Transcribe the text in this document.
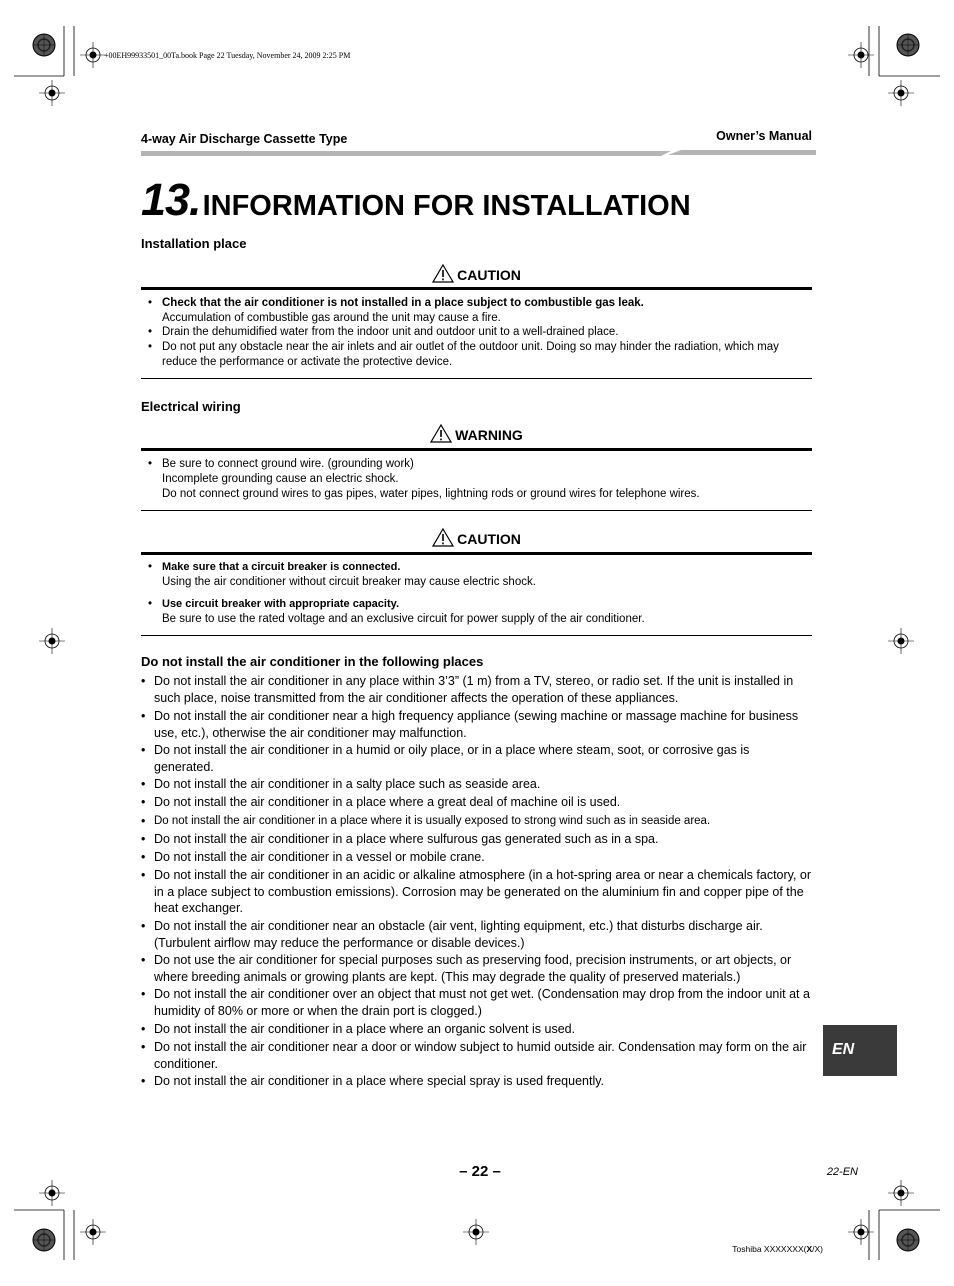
+00EH99933501_00Ta.book Page 22 Tuesday, November 24, 2009 2:25 PM
4-way Air Discharge Cassette Type	Owner’s Manual
13.INFORMATION FOR INSTALLATION
Installation place
CAUTION
• Check that the air conditioner is not installed in a place subject to combustible gas leak.
Accumulation of combustible gas around the unit may cause a fire.
• Drain the dehumidified water from the indoor unit and outdoor unit to a well-drained place.
• Do not put any obstacle near the air inlets and air outlet of the outdoor unit. Doing so may hinder the radiation, which may reduce the performance or activate the protective device.
Electrical wiring
WARNING
• Be sure to connect ground wire. (grounding work)
Incomplete grounding cause an electric shock.
Do not connect ground wires to gas pipes, water pipes, lightning rods or ground wires for telephone wires.
CAUTION
• Make sure that a circuit breaker is connected.
Using the air conditioner without circuit breaker may cause electric shock.
• Use circuit breaker with appropriate capacity.
Be sure to use the rated voltage and an exclusive circuit for power supply of the air conditioner.
Do not install the air conditioner in the following places
• Do not install the air conditioner in any place within 3’3” (1 m) from a TV, stereo, or radio set. If the unit is installed in such place, noise transmitted from the air conditioner affects the operation of these appliances.
• Do not install the air conditioner near a high frequency appliance (sewing machine or massage machine for business use, etc.), otherwise the air conditioner may malfunction.
• Do not install the air conditioner in a humid or oily place, or in a place where steam, soot, or corrosive gas is generated.
• Do not install the air conditioner in a salty place such as seaside area.
• Do not install the air conditioner in a place where a great deal of machine oil is used.
• Do not install the air conditioner in a place where it is usually exposed to strong wind such as in seaside area.
• Do not install the air conditioner in a place where sulfurous gas generated such as in a spa.
• Do not install the air conditioner in a vessel or mobile crane.
• Do not install the air conditioner in an acidic or alkaline atmosphere (in a hot-spring area or near a chemicals factory, or in a place subject to combustion emissions). Corrosion may be generated on the aluminium fin and copper pipe of the heat exchanger.
• Do not install the air conditioner near an obstacle (air vent, lighting equipment, etc.) that disturbs discharge air. (Turbulent airflow may reduce the performance or disable devices.)
• Do not use the air conditioner for special purposes such as preserving food, precision instruments, or art objects, or where breeding animals or growing plants are kept. (This may degrade the quality of preserved materials.)
• Do not install the air conditioner over an object that must not get wet. (Condensation may drop from the indoor unit at a humidity of 80% or more or when the drain port is clogged.)
• Do not install the air conditioner in a place where an organic solvent is used.
• Do not install the air conditioner near a door or window subject to humid outside air. Condensation may form on the air conditioner.
• Do not install the air conditioner in a place where special spray is used frequently.
EN
– 22 –	22-EN
Toshiba XXXXXXX(X/X)
